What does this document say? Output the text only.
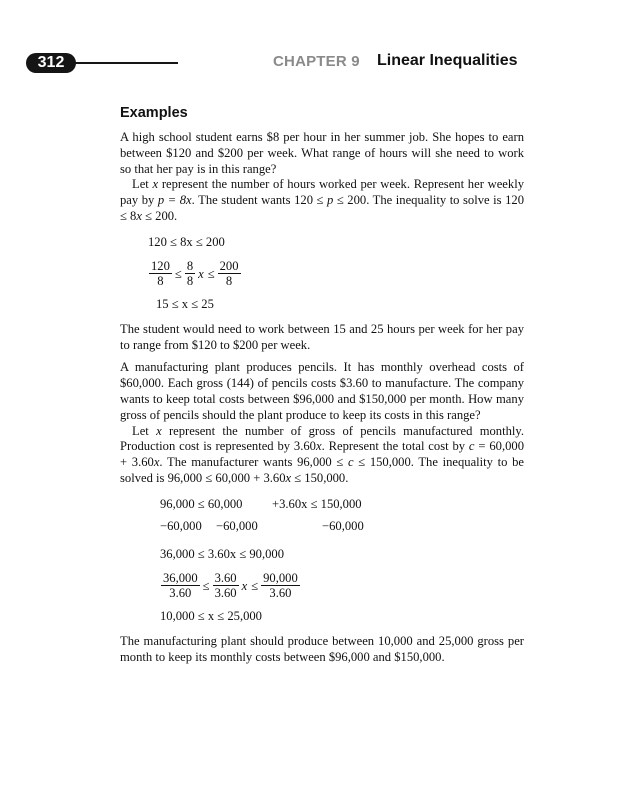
312	CHAPTER 9 Linear Inequalities
Examples

A high school student earns $8 per hour in her summer job. She hopes to earn between $120 and $200 per week. What range of hours will she need to work so that her pay is in this range?

Let x represent the number of hours worked per week. Represent her weekly pay by p = 8x. The student wants 120 ≤ p ≤ 200. The inequality to solve is 120 ≤ 8x ≤ 200.

120 ≤ 8x ≤ 200
$\frac{120}{8} \le \frac{8}{8}$ $x \le \frac{200}{8}$
15 ≤ x ≤ 25

The student would need to work between 15 and 25 hours per week for her pay to range from $120 to $200 per week.

A manufacturing plant produces pencils. It has monthly overhead costs of $60,000. Each gross (144) of pencils costs $3.60 to manufacture. The company wants to keep total costs between $96,000 and $150,000 per month. How many gross of pencils should the plant produce to keep its costs in this range?

Let x represent the number of gross of pencils manufactured monthly. Production cost is represented by 3.60x. Represent the total cost by c = 60,000 + 3.60x. The manufacturer wants 96,000 ≤ c ≤ 150,000. The inequality to be solved is 96,000 ≤ 60,000 + 3.60x ≤ 150,000.

96,000 ≤ 60,000 +3.60x ≤ 150,000
−60,000 −60,000	−60,000
36,000 ≤ 3.60x ≤ 90,000
$\frac{36,000}{3.60} \le \frac{3.60}{3.60}$ $x \le \frac{90,000}{3.60}$
10,000 ≤ x ≤ 25,000

The manufacturing plant should produce between 10,000 and 25,000 gross per month to keep its monthly costs between $96,000 and $150,000.
